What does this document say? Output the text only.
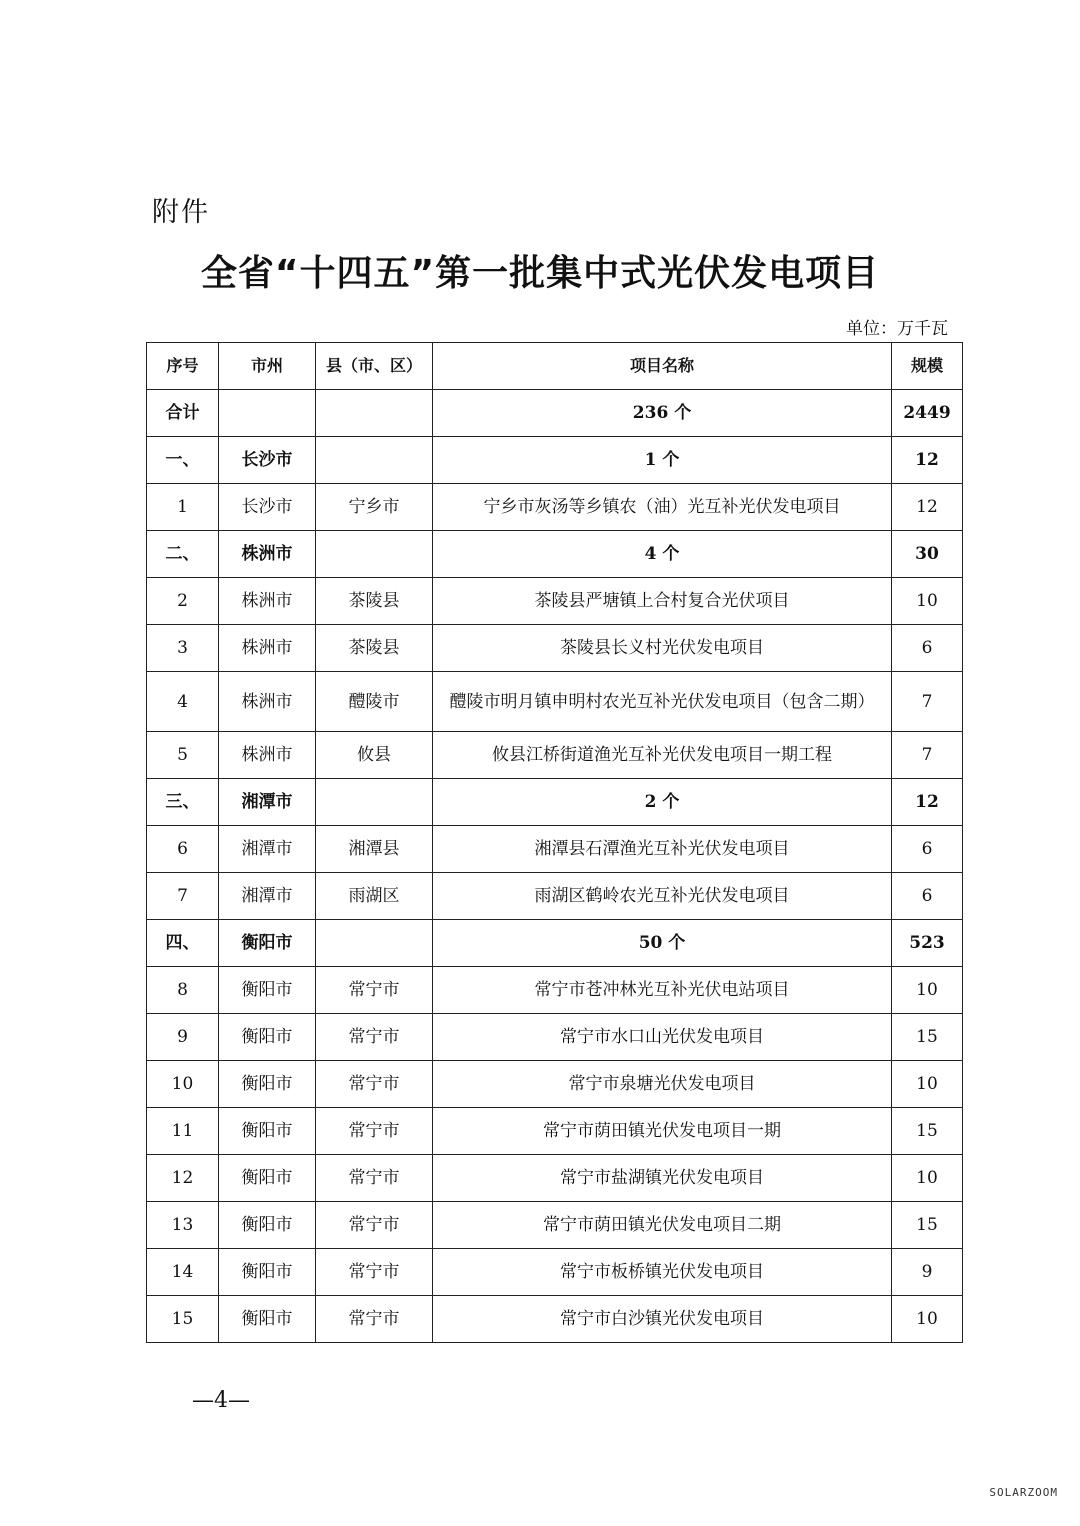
附件
全省“十四五”第一批集中式光伏发电项目
单位：万千瓦
序号	市州	县（市、区）	项目名称	规模
合计			236 个	2449
一、	长沙市		1 个	12
1	长沙市	宁乡市	宁乡市灰汤等乡镇农（油）光互补光伏发电项目	12
二、	株洲市		4 个	30
2	株洲市	茶陵县	茶陵县严塘镇上合村复合光伏项目	10
3	株洲市	茶陵县	茶陵县长义村光伏发电项目	6
4	株洲市	醴陵市	醴陵市明月镇申明村农光互补光伏发电项目（包含二期）	7
5	株洲市	攸县	攸县江桥街道渔光互补光伏发电项目一期工程	7
三、	湘潭市		2 个	12
6	湘潭市	湘潭县	湘潭县石潭渔光互补光伏发电项目	6
7	湘潭市	雨湖区	雨湖区鹤岭农光互补光伏发电项目	6
四、	衡阳市		50 个	523
8	衡阳市	常宁市	常宁市苍冲林光互补光伏电站项目	10
9	衡阳市	常宁市	常宁市水口山光伏发电项目	15
10	衡阳市	常宁市	常宁市泉塘光伏发电项目	10
11	衡阳市	常宁市	常宁市荫田镇光伏发电项目一期	15
12	衡阳市	常宁市	常宁市盐湖镇光伏发电项目	10
13	衡阳市	常宁市	常宁市荫田镇光伏发电项目二期	15
14	衡阳市	常宁市	常宁市板桥镇光伏发电项目	9
15	衡阳市	常宁市	常宁市白沙镇光伏发电项目	10
—4—
SOLARZOOM
